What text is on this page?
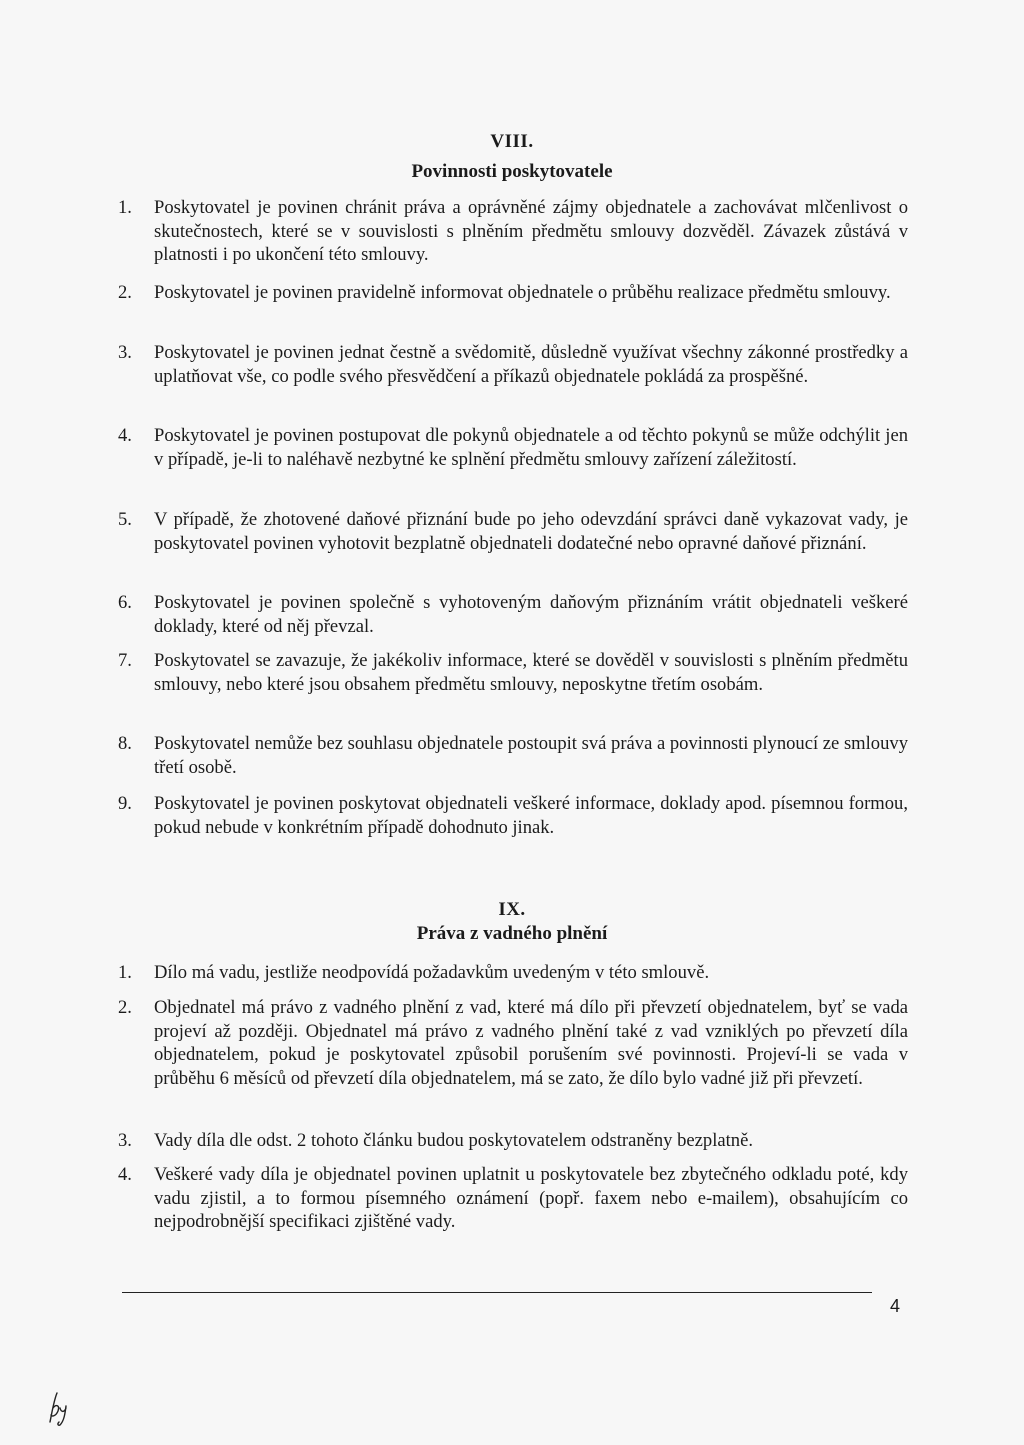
VIII.
Povinnosti poskytovatele
1.	Poskytovatel je povinen chránit práva a oprávněné zájmy objednatele a zachovávat mlčenlivost o skutečnostech, které se v souvislosti s plněním předmětu smlouvy dozvěděl. Závazek zůstává v platnosti i po ukončení této smlouvy.
2.	Poskytovatel je povinen pravidelně informovat objednatele o průběhu realizace předmětu smlouvy.
3.	Poskytovatel je povinen jednat čestně a svědomitě, důsledně využívat všechny zákonné prostředky a uplatňovat vše, co podle svého přesvědčení a příkazů objednatele pokládá za prospěšné.
4.	Poskytovatel je povinen postupovat dle pokynů objednatele a od těchto pokynů se může odchýlit jen v případě, je-li to naléhavě nezbytné ke splnění předmětu smlouvy zařízení záležitostí.
5.	V případě, že zhotovené daňové přiznání bude po jeho odevzdání správci daně vykazovat vady, je poskytovatel povinen vyhotovit bezplatně objednateli dodatečné nebo opravné daňové přiznání.
6.	Poskytovatel je povinen společně s vyhotoveným daňovým přiznáním vrátit objednateli veškeré doklady, které od něj převzal.
7.	Poskytovatel se zavazuje, že jakékoliv informace, které se dověděl v souvislosti s plněním předmětu smlouvy, nebo které jsou obsahem předmětu smlouvy, neposkytne třetím osobám.
8.	Poskytovatel nemůže bez souhlasu objednatele postoupit svá práva a povinnosti plynoucí ze smlouvy třetí osobě.
9.	Poskytovatel je povinen poskytovat objednateli veškeré informace, doklady apod. písemnou formou, pokud nebude v konkrétním případě dohodnuto jinak.
IX.
Práva z vadného plnění
1.	Dílo má vadu, jestliže neodpovídá požadavkům uvedeným v této smlouvě.
2.	Objednatel má právo z vadného plnění z vad, které má dílo při převzetí objednatelem, byť se vada projeví až později. Objednatel má právo z vadného plnění také z vad vzniklých po převzetí díla objednatelem, pokud je poskytovatel způsobil porušením své povinnosti. Projeví-li se vada v průběhu 6 měsíců od převzetí díla objednatelem, má se zato, že dílo bylo vadné již při převzetí.
3.	Vady díla dle odst. 2 tohoto článku budou poskytovatelem odstraněny bezplatně.
4.	Veškeré vady díla je objednatel povinen uplatnit u poskytovatele bez zbytečného odkladu poté, kdy vadu zjistil, a to formou písemného oznámení (popř. faxem nebo e-mailem), obsahujícím co nejpodrobnější specifikaci zjištěné vady.
4
